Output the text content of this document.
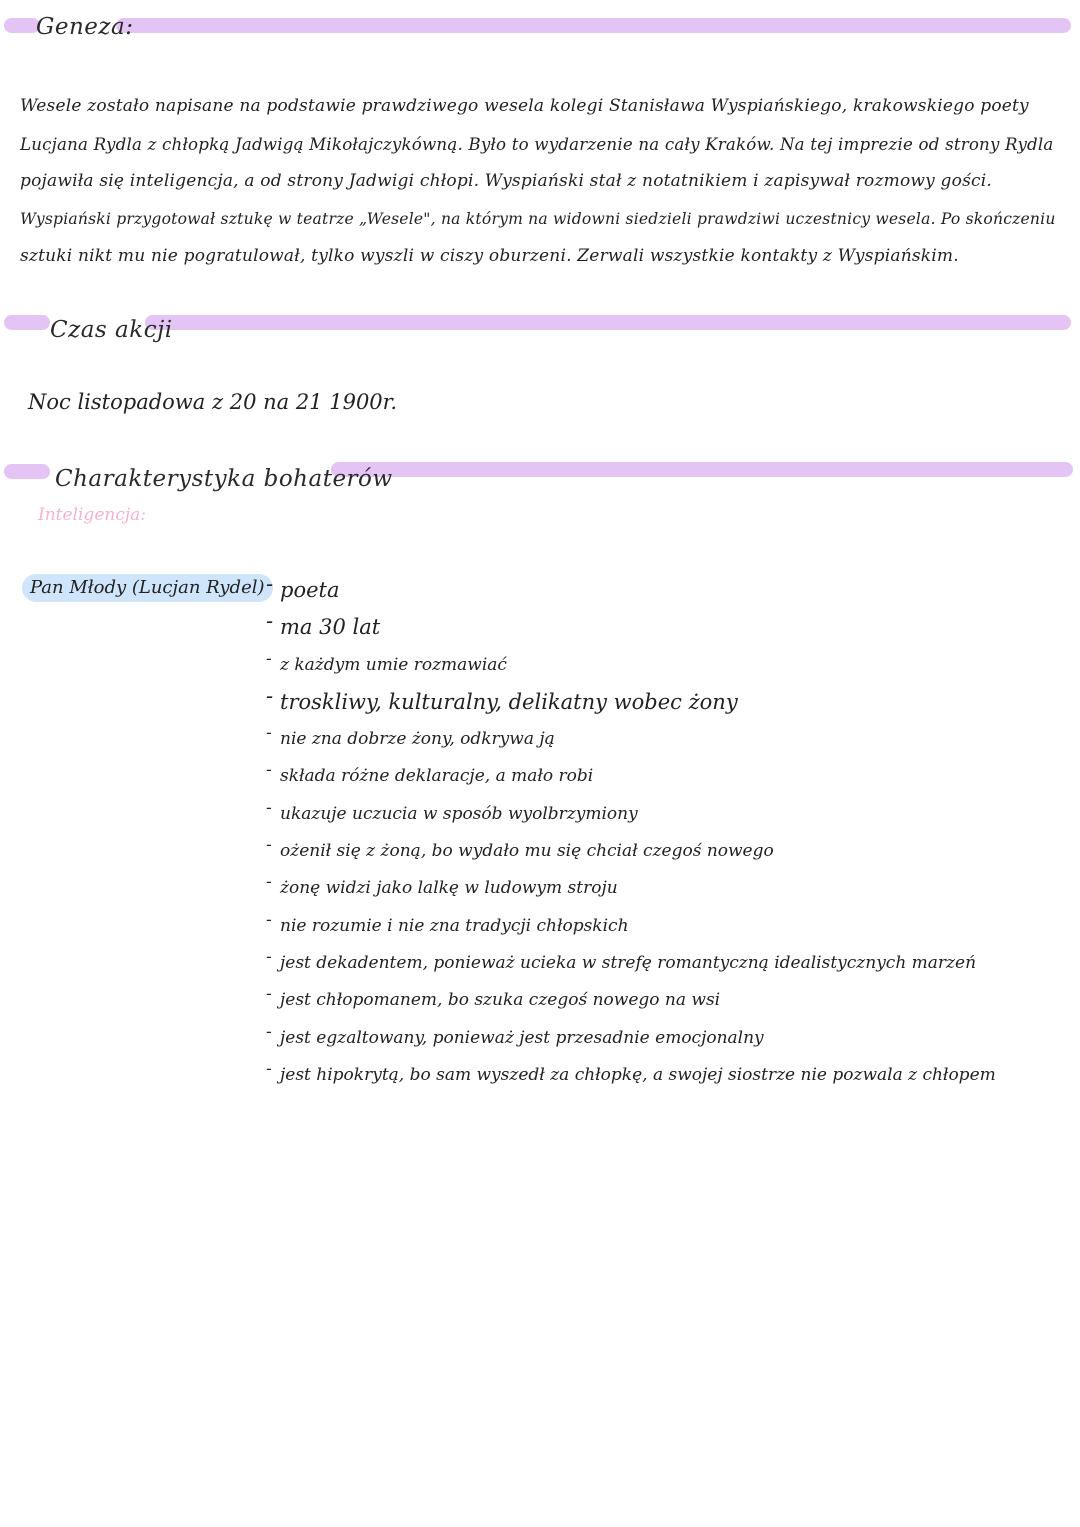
Geneza:
Wesele zostało napisane na podstawie prawdziwego wesela kolegi Stanisława Wyspiańskiego, krakowskiego poety
Lucjana Rydla z chłopką Jadwigą Mikołajczykówną. Było to wydarzenie na cały Kraków. Na tej imprezie od strony Rydla
pojawiła się inteligencja, a od strony Jadwigi chłopi. Wyspiański stał z notatnikiem i zapisywał rozmowy gości.
Wyspiański przygotował sztukę w teatrze „Wesele", na którym na widowni siedzieli prawdziwi uczestnicy wesela. Po skończeniu
sztuki nikt mu nie pogratulował, tylko wyszli w ciszy oburzeni. Zerwali wszystkie kontakty z Wyspiańskim.
Czas akcji
Noc listopadowa z 20 na 21 1900r.
Charakterystyka bohaterów
Inteligencja:
Pan Młody (Lucjan Rydel)
- poeta
- ma 30 lat
- z każdym umie rozmawiać
- troskliwy, kulturalny, delikatny wobec żony
- nie zna dobrze żony, odkrywa ją
- składa różne deklaracje, a mało robi
- ukazuje uczucia w sposób wyolbrzymiony
- ożenił się z żoną, bo wydało mu się chciał czegoś nowego
- żonę widzi jako lalkę w ludowym stroju
- nie rozumie i nie zna tradycji chłopskich
- jest dekadentem, ponieważ ucieka w strefę romantyczną idealistycznych marzeń
- jest chłopomanem, bo szuka czegoś nowego na wsi
- jest egzaltowany, ponieważ jest przesadnie emocjonalny
- jest hipokrytą, bo sam wyszedł za chłopkę, a swojej siostrze nie pozwala z chłopem
